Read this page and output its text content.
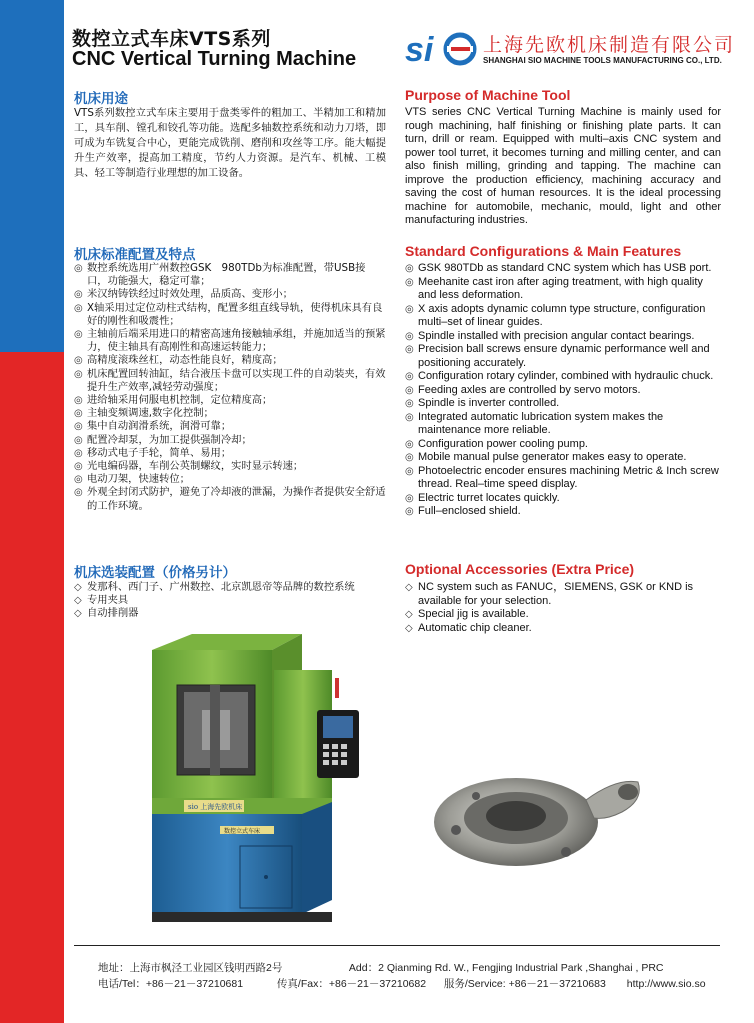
数控立式车床VTS系列
CNC Vertical Turning Machine si	上海先欧机床制造有限公司
SHANGHAI SIO MACHINE TOOLS MANUFACTURING CO., LTD.
机床用途	Purpose of Machine Tool
VTS系列数控立式车床主要用于盘类零件的粗加工、半精加工和精加工，具车削、镗孔和铰孔等功能。选配多轴数控系统和动力刀塔，即可成为车铣复合中心，更能完成铣削、磨削和攻丝等工序。能大幅提升生产效率，提高加工精度，节约人力资源。是汽车、机械、工模具、轻工等制造行业理想的加工设备。
VTS series CNC Vertical Turning Machine is mainly used for rough machining, half finishing or finishing plate parts. It can turn, drill or ream. Equipped with multi–axis CNC system and power tool turret, it becomes turning and milling center, and can also finish milling, grinding and tapping. The machine can improve the production efficiency, machining accuracy and saving the cost of human resources. It is the ideal processing machine for automobile, mechanic, mould, light and other manufacturing industries.
机床标准配置及特点	Standard Configurations & Main Features
◎ 数控系统选用广州数控GSK　980TDb为标准配置，带USB接口，功能强大，稳定可靠；
◎ 米汉纳铸铁经过时效处理，品质高、变形小；
◎ X轴采用过定位动柱式结构，配置多组直线导轨，使得机床具有良好的刚性和吸震性；
◎ 主轴前后端采用进口的精密高速角接触轴承组，并施加适当的预紧力，使主轴具有高刚性和高速运转能力；
◎ 高精度滚珠丝杠，动态性能良好，精度高；
◎ 机床配置回转油缸，结合液压卡盘可以实现工件的自动装夹，有效提升生产效率,减轻劳动强度；
◎ 进给轴采用伺服电机控制，定位精度高；
◎ 主轴变频调速,数字化控制；
◎ 集中自动润滑系统，润滑可靠；
◎ 配置冷却泵，为加工提供强制冷却；
◎ 移动式电子手轮，简单、易用；
◎ 光电编码器，车削公英制螺纹，实时显示转速；
◎ 电动刀架，快速转位；
◎ 外观全封闭式防护，避免了冷却液的泄漏，为操作者提供安全舒适的工作环境。
◎ GSK 980TDb as standard CNC system which has USB port.
◎ Meehanite cast iron after aging treatment, with high quality and less deformation.
◎ X axis adopts dynamic column type structure, configuration multi–set of linear guides.
◎ Spindle installed with precision angular contact bearings.
◎ Precision ball screws ensure dynamic performance well and positioning accurately.
◎ Configuration rotary cylinder, combined with hydraulic chuck.
◎ Feeding axles are controlled by servo motors.
◎ Spindle is inverter controlled.
◎ Integrated automatic lubrication system makes the maintenance more reliable.
◎ Configuration power cooling pump.
◎ Mobile manual pulse generator makes easy to operate.
◎ Photoelectric encoder ensures machining Metric & Inch screw thread. Real–time speed display.
◎ Electric turret locates quickly.
◎ Full–enclosed shield.
机床选装配置（价格另计）	Optional Accessories (Extra Price)
◇ 发那科、西门子、广州数控、北京凯恩帝等品牌的数控系统
◇ 专用夹具
◇ 自动排削器
◇ NC system such as FANUC，SIEMENS, GSK or KND is available for your selection.
◇ Special jig is available.
◇ Automatic chip cleaner.
sio 上海先欧机床
数控立式车床
地址：上海市枫泾工业园区钱明西路2号	Add：2 Qianming Rd. W., Fengjing Industrial Park ,Shanghai , PRC
电话/Tel：+86－21－37210681	传真/Fax：+86－21－37210682 服务/Service: +86－21－37210683 http://www.sio.so
